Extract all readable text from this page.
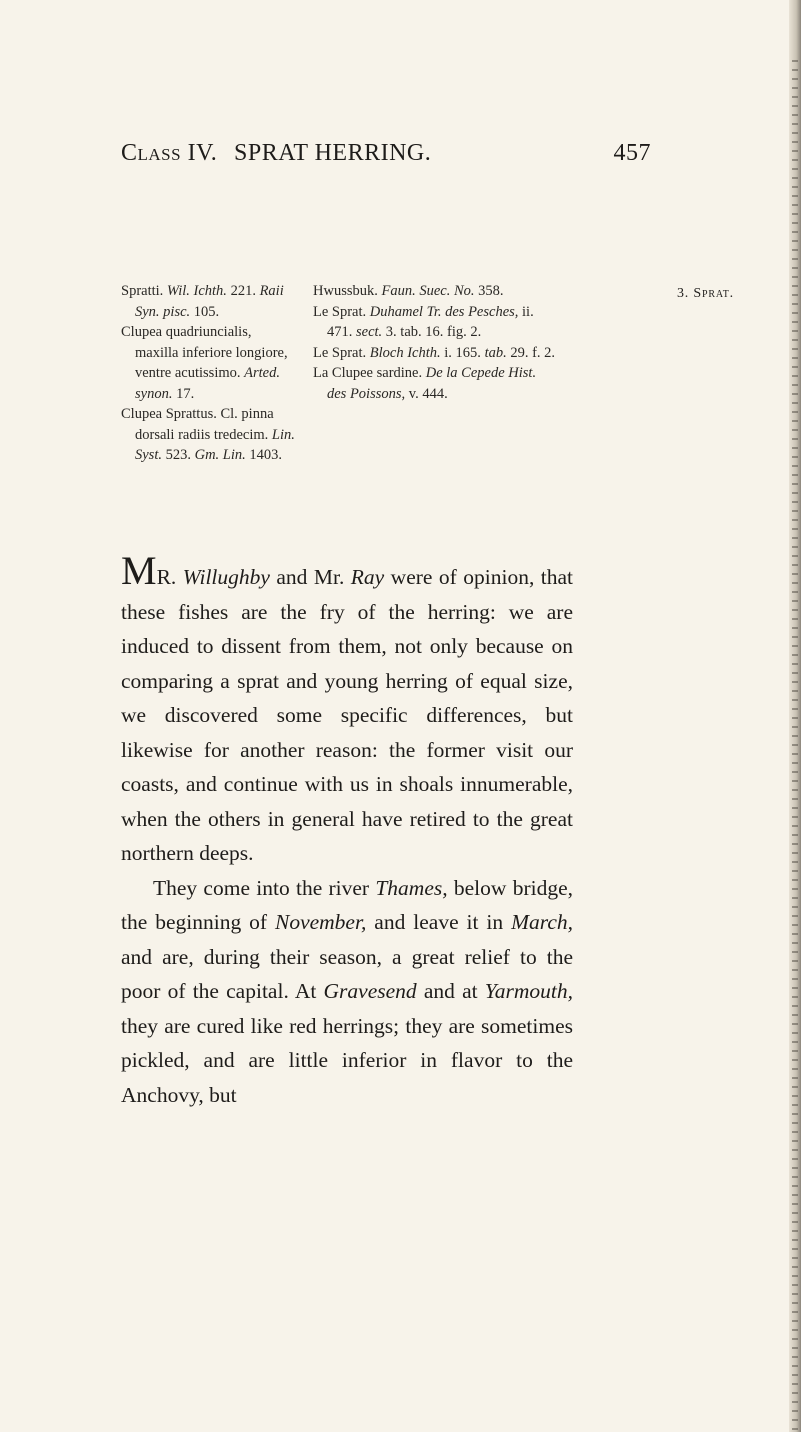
Class IV. SPRAT HERRING.	457
3. Sprat.
Spratti. Wil. Ichth. 221. Raii Syn. pisc. 105.
Clupea quadriuncialis, maxilla inferiore longiore, ventre acutissimo. Arted. synon. 17.
Clupea Sprattus. Cl. pinna dorsali radiis tredecim. Lin. Syst. 523. Gm. Lin. 1403.
Hwussbuk. Faun. Suec. No. 358.
Le Sprat. Duhamel Tr. des Pesches, ii. 471. sect. 3. tab. 16. fig. 2.
Le Sprat. Bloch Ichth. i. 165. tab. 29. f. 2.
La Clupee sardine. De la Cepede Hist. des Poissons, v. 444.

MR. Willughby and Mr. Ray were of opinion, that these fishes are the fry of the herring: we are induced to dissent from them, not only because on comparing a sprat and young herring of equal size, we discovered some specific differences, but likewise for another reason: the former visit our coasts, and continue with us in shoals innumerable, when the others in general have retired to the great northern deeps.

They come into the river Thames, below bridge, the beginning of November, and leave it in March, and are, during their season, a great relief to the poor of the capital. At Gravesend and at Yarmouth, they are cured like red herrings; they are sometimes pickled, and are little inferior in flavor to the Anchovy, but
